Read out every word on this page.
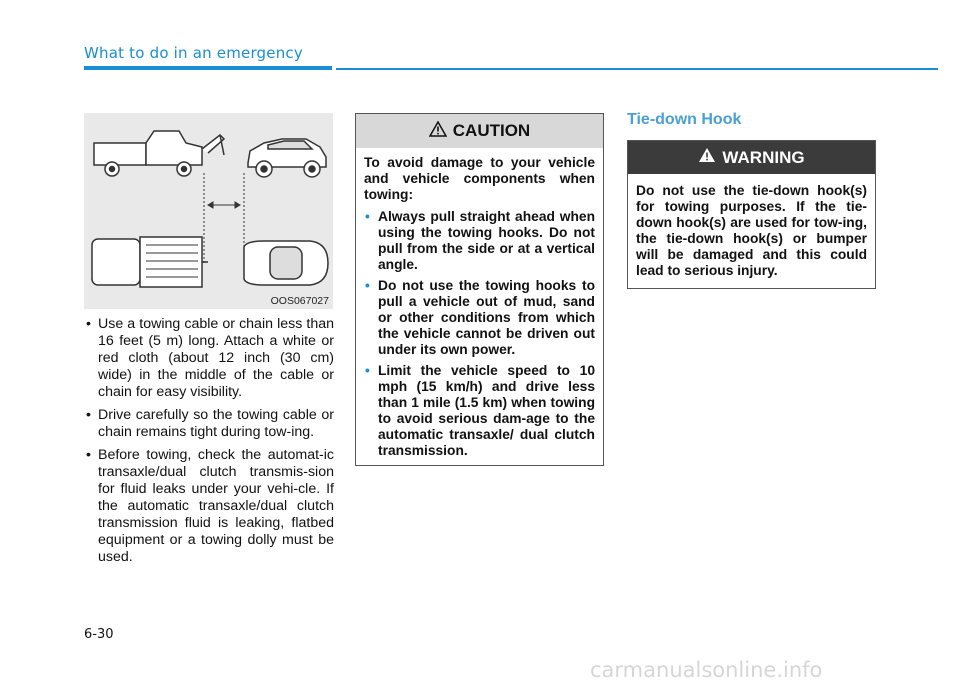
What to do in an emergency
OOS067027
• Use a towing cable or chain less than 16 feet (5 m) long. Attach a white or red cloth (about 12 inch (30 cm) wide) in the middle of the cable or chain for easy visibility.
• Drive carefully so the towing cable or chain remains tight during tow-ing.
• Before towing, check the automat-ic transaxle/dual clutch transmis-sion for fluid leaks under your vehi-cle. If the automatic transaxle/dual clutch transmission fluid is leaking, flatbed equipment or a towing dolly must be used.
CAUTION

To avoid damage to your vehicle and vehicle components when towing:

• Always pull straight ahead when using the towing hooks. Do not pull from the side or at a vertical angle.
• Do not use the towing hooks to pull a vehicle out of mud, sand or other conditions from which the vehicle cannot be driven out under its own power.
• Limit the vehicle speed to 10 mph (15 km/h) and drive less than 1 mile (1.5 km) when towing to avoid serious dam-age to the automatic transaxle/ dual clutch transmission.
Tie-down Hook
WARNING
Do not use the tie-down hook(s) for towing purposes. If the tie-down hook(s) are used for tow-ing, the tie-down hook(s) or bumper will be damaged and this could lead to serious injury.
6-30
carmanualsonline.info
